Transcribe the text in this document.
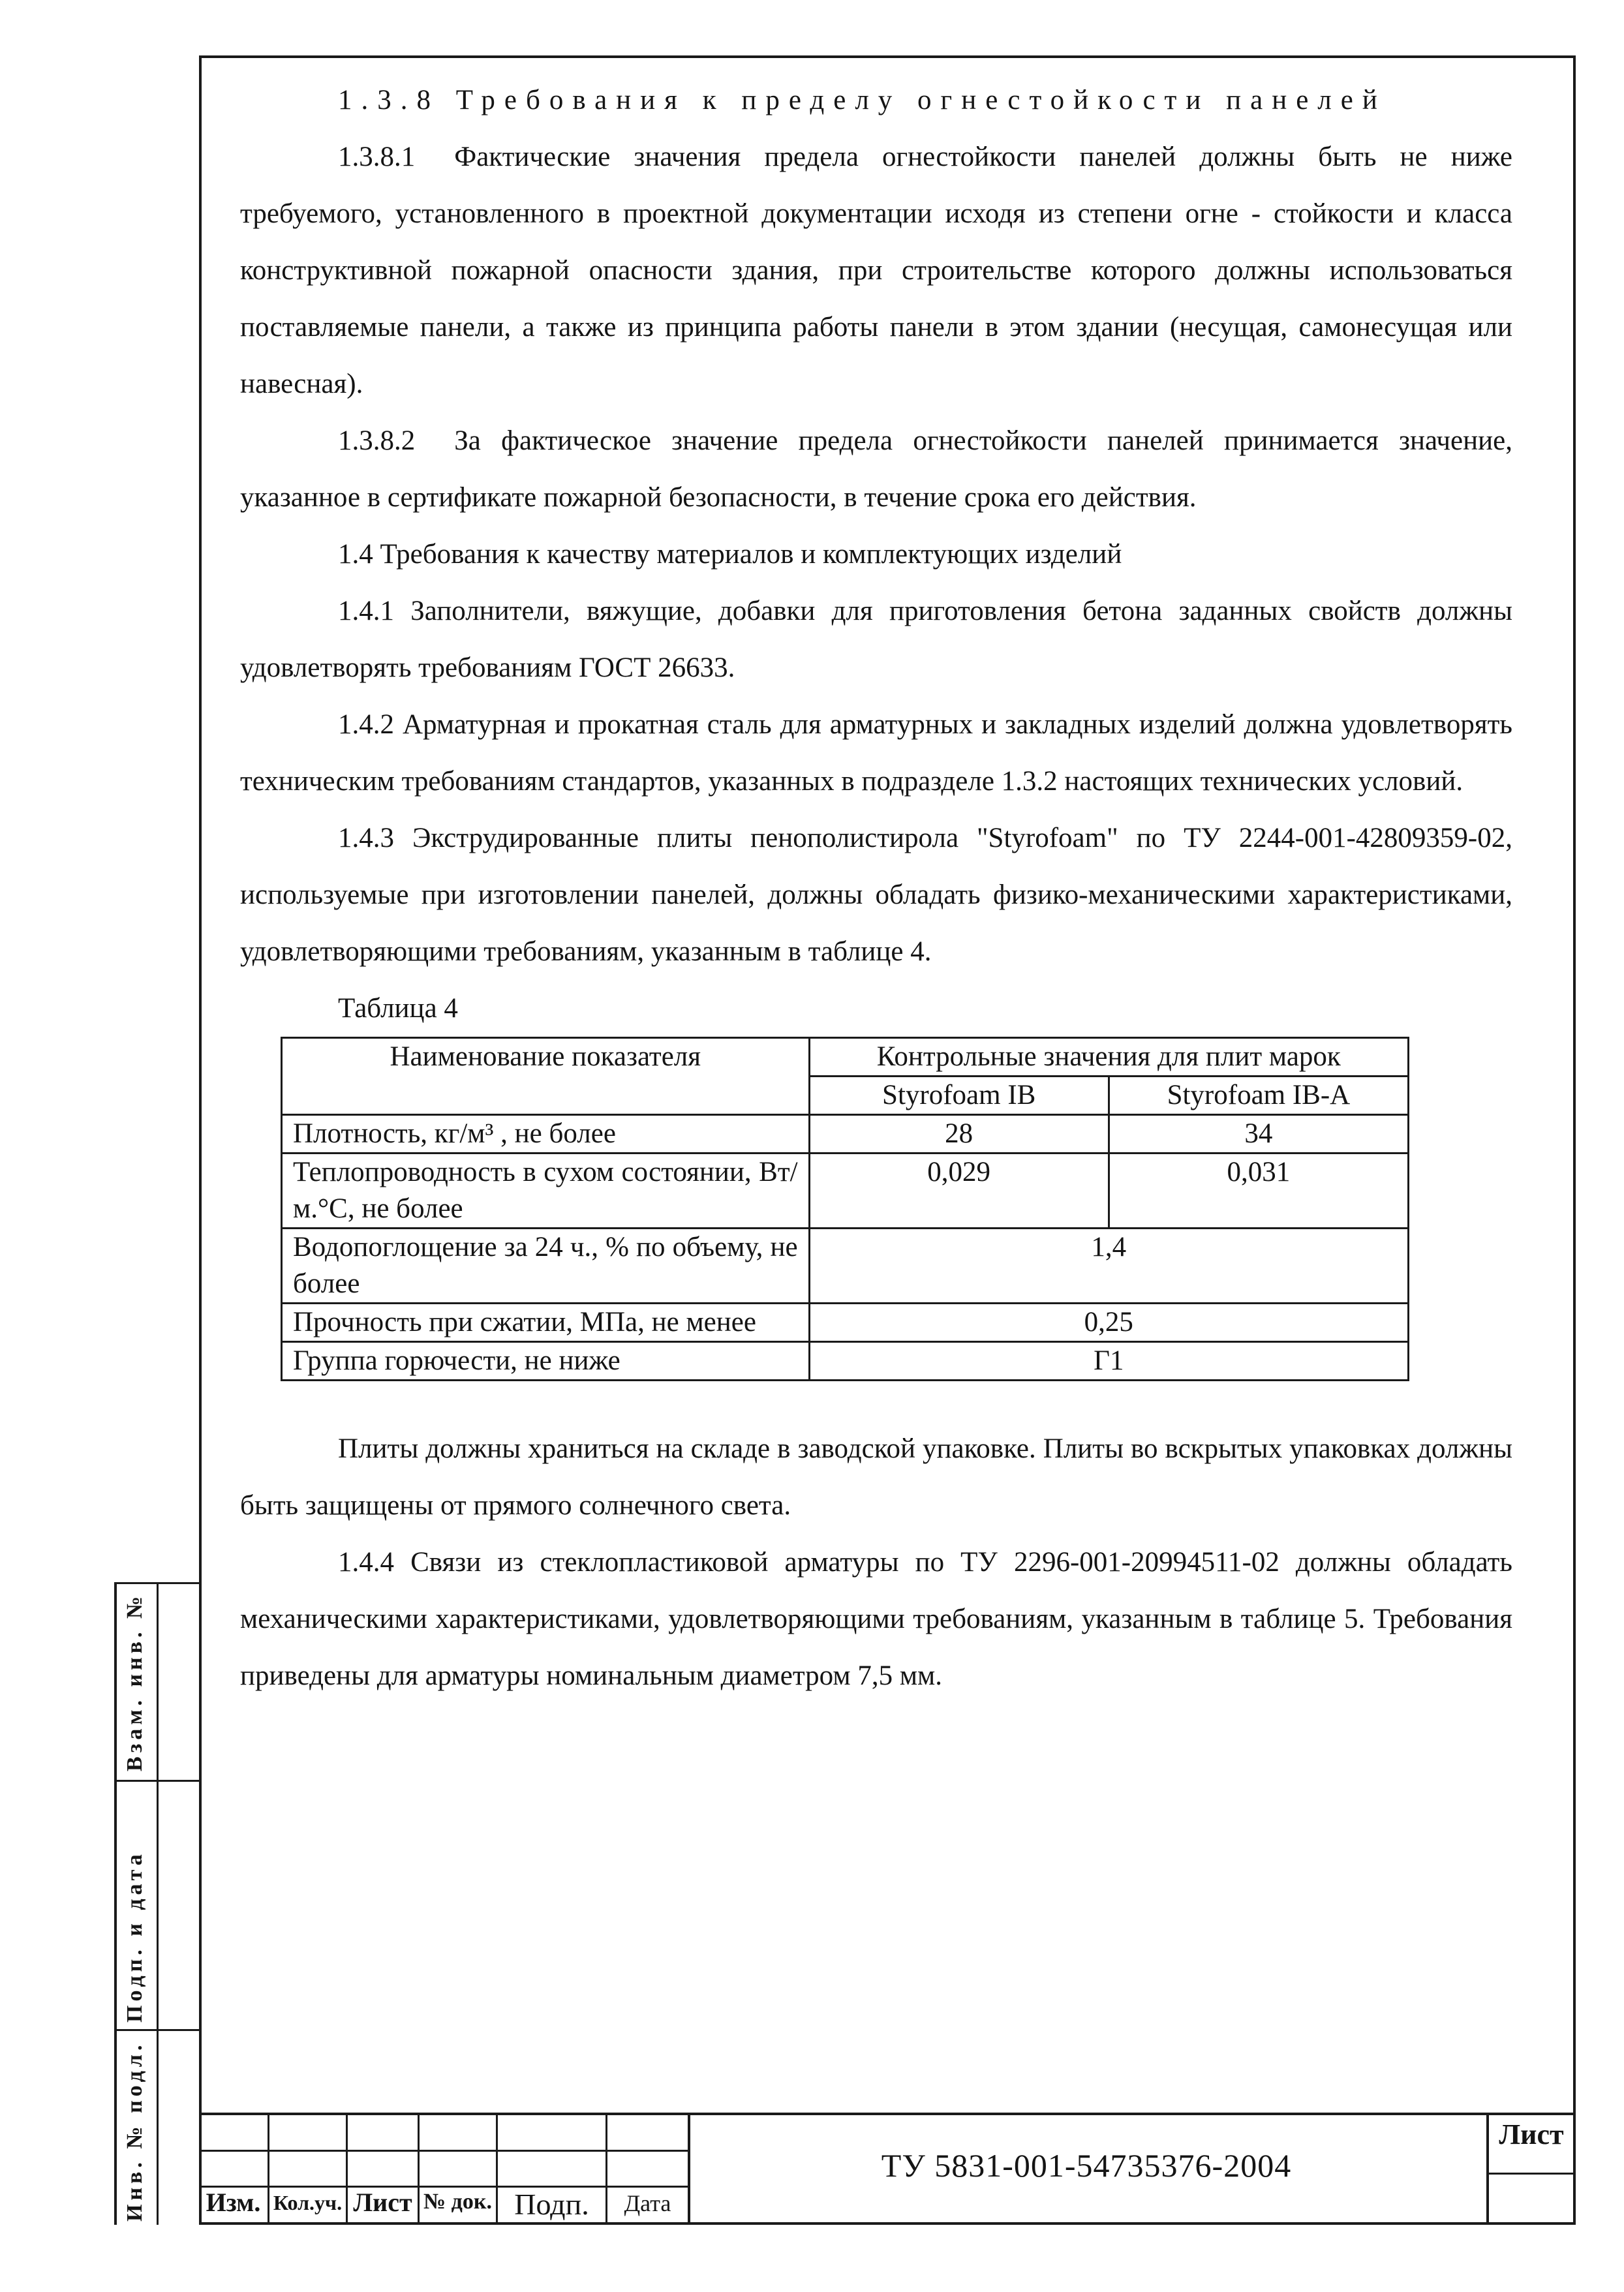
1.3.8 Требования к пределу огнестойкости панелей

1.3.8.1 Фактические значения предела огнестойкости панелей должны быть не ниже требуемого, установленного в проектной документации исходя из степени огне - стойкости и класса конструктивной пожарной опасности здания, при строительстве которого должны использоваться поставляемые панели, а также из принципа работы панели в этом здании (несущая, самонесущая или навесная).

1.3.8.2 За фактическое значение предела огнестойкости панелей принимается значение, указанное в сертификате пожарной безопасности, в течение срока его действия.

1.4 Требования к качеству материалов и комплектующих изделий

1.4.1 Заполнители, вяжущие, добавки для приготовления бетона заданных свойств должны удовлетворять требованиям ГОСТ 26633.

1.4.2 Арматурная и прокатная сталь для арматурных и закладных изделий должна удовлетворять техническим требованиям стандартов, указанных в подразделе 1.3.2 настоящих технических условий.

1.4.3 Экструдированные плиты пенополистирола "Styrofoam" по ТУ 2244-001-42809359-02, используемые при изготовлении панелей, должны обладать физико-механическими характеристиками, удовлетворяющими требованиям, указанным в таблице 4.

Таблица 4

Наименование показателя	Контрольные значения для плит марок	
	Styrofoam IB	Styrofoam IB-A
Плотность, кг/м³ , не более	28	34
Теплопроводность в сухом состоянии, Вт/м.°С, не более	0,029	0,031
Водопоглощение за 24 ч., % по объему, не более	1,4	
Прочность при сжатии, МПа, не менее	0,25	
Группа горючести, не ниже	Г1	

Плиты должны храниться на складе в заводской упаковке. Плиты во вскрытых упаковках должны быть защищены от прямого солнечного света.

1.4.4 Связи из стеклопластиковой арматуры по ТУ 2296-001-20994511-02 должны обладать механическими характеристиками, удовлетворяющими требованиям, указанным в таблице 5. Требования приведены для арматуры номинальным диаметром 7,5 мм.

Взам. инв. №
Подп. и дата
Инв. № подл.	Изм. Кол.уч. Лист № док. Подп.	Дата
ТУ 5831-001-54735376-2004
Лист
